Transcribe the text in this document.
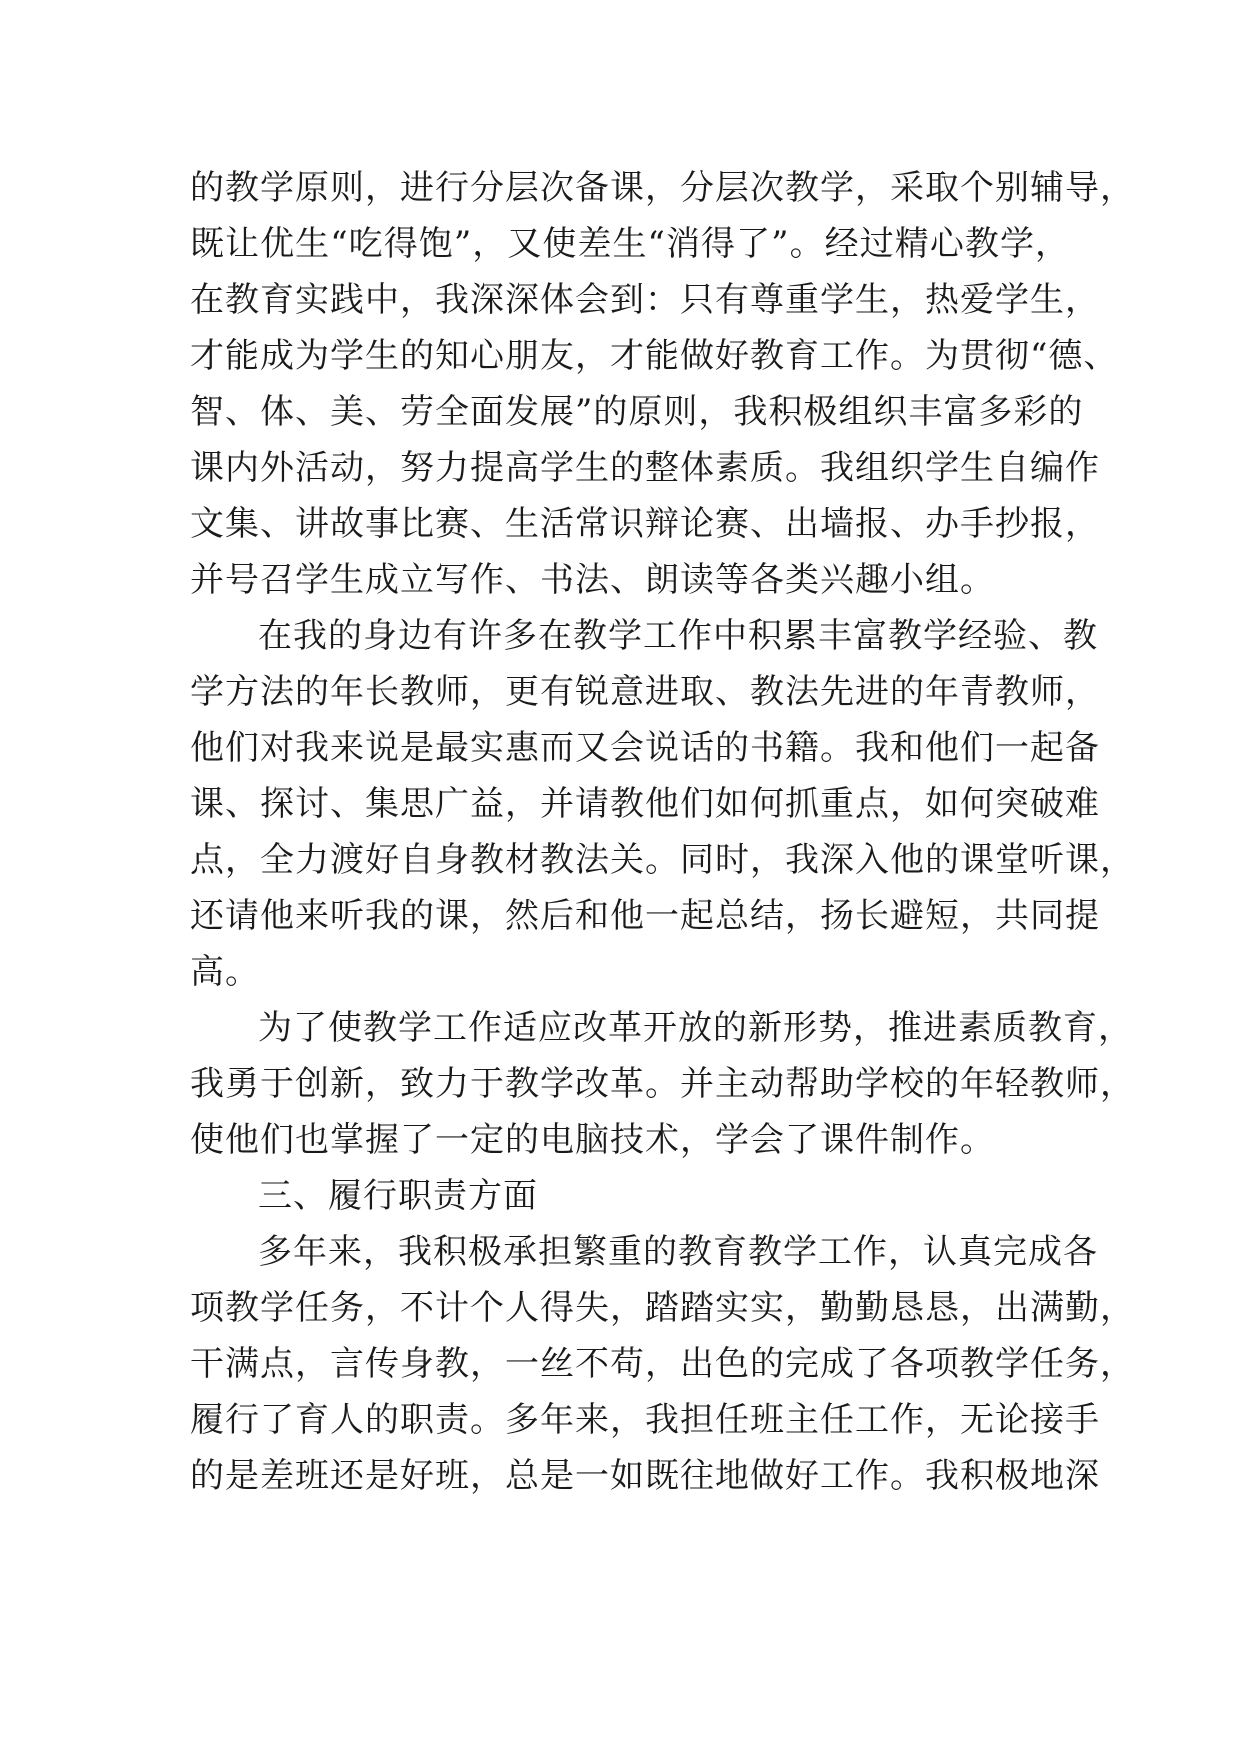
的教学原则，进行分层次备课，分层次教学，采取个别辅导，
既让优生“吃得饱”，又使差生“消得了”。经过精心教学，
在教育实践中，我深深体会到：只有尊重学生，热爱学生，
才能成为学生的知心朋友，才能做好教育工作。为贯彻“德、
智、体、美、劳全面发展”的原则，我积极组织丰富多彩的
课内外活动，努力提高学生的整体素质。我组织学生自编作
文集、讲故事比赛、生活常识辩论赛、出墙报、办手抄报，
并号召学生成立写作、书法、朗读等各类兴趣小组。
在我的身边有许多在教学工作中积累丰富教学经验、教
学方法的年长教师，更有锐意进取、教法先进的年青教师，
他们对我来说是最实惠而又会说话的书籍。我和他们一起备
课、探讨、集思广益，并请教他们如何抓重点，如何突破难
点，全力渡好自身教材教法关。同时，我深入他的课堂听课，
还请他来听我的课，然后和他一起总结，扬长避短，共同提
高。
为了使教学工作适应改革开放的新形势，推进素质教育，
我勇于创新，致力于教学改革。并主动帮助学校的年轻教师，
使他们也掌握了一定的电脑技术，学会了课件制作。
三、履行职责方面
多年来，我积极承担繁重的教育教学工作，认真完成各
项教学任务，不计个人得失，踏踏实实，勤勤恳恳，出满勤，
干满点，言传身教，一丝不苟，出色的完成了各项教学任务，
履行了育人的职责。多年来，我担任班主任工作，无论接手
的是差班还是好班，总是一如既往地做好工作。我积极地深
